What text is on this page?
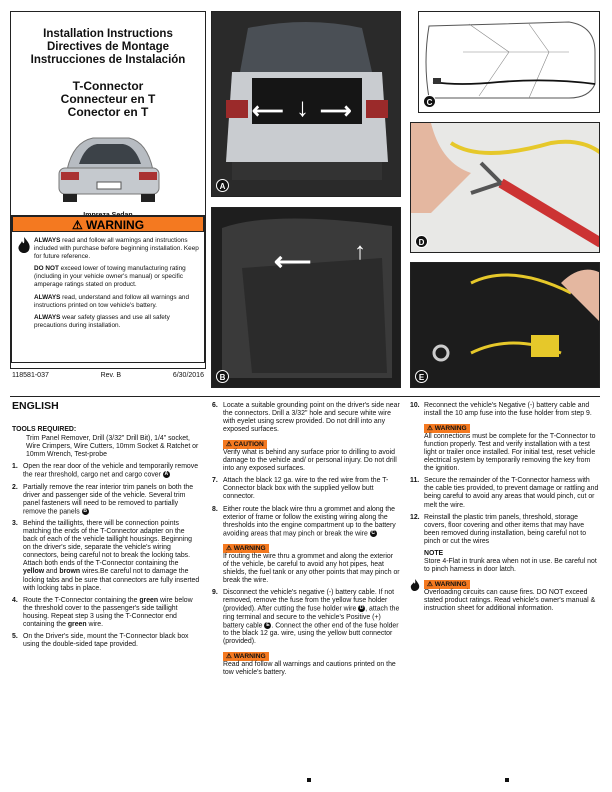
Installation Instructions
Directives de Montage
Instrucciones de Instalación
T-Connector
Connecteur en T
Conector en T
⚠ WARNING

ALWAYS read and follow all warnings and instructions included with purchase before beginning installation. Keep for future reference.

DO NOT exceed lower of towing manufacturing rating (including in your vehicle owner's manual) or specific amperage ratings stated on product.

ALWAYS read, understand and follow all warnings and instructions printed on tow vehicle's battery.

ALWAYS wear safety glasses and use all safety precautions during installation.

118581-037	Rev. B	6/30/2016
⟵ ↓ ⟶
A
⟵ ↑
B
C
D
E
ENGLISH
TOOLS REQUIRED:
Trim Panel Remover, Drill (3/32" Drill Bit), 1/4" socket, Wire Crimpers, Wire Cutters, 10mm Socket & Ratchet or 10mm Wrench, Test-probe
1. Open the rear door of the vehicle and temporarily remove the rear threshold, cargo net and cargo cover A
2. Partially remove the rear interior trim panels on both the driver and passenger side of the vehicle. Several trim panel fasteners will need to be removed to partially remove the panels B
3. Behind the taillights, there will be connection points matching the ends of the T-Connector adapter on the back of each of the vehicle taillight housings. Beginning on the driver's side, separate the vehicle's wiring connectors, being careful not to break the locking tabs. Attach both ends of the T-Connector containing the yellow and brown wires.Be careful not to damage the locking tabs and be sure that connectors are fully inserted with locking tabs in place.
4. Route the T-Connector containing the green wire below the threshold cover to the passenger's side taillight housing. Repeat step 3 using the T-Connector end containing the green wire.
5. On the Driver's side, mount the T-Connector black box using the double-sided tape provided.
6. Locate a suitable grounding point on the driver's side near the connectors. Drill a 3/32" hole and secure white wire with eyelet using screw provided. Do not drill into any exposed surfaces.
⚠ CAUTION
Verify what is behind any surface prior to drilling to avoid damage to the vehicle and/ or personal injury. Do not drill into any exposed surfaces.
7. Attach the black 12 ga. wire to the red wire from the T-Connector black box with the supplied yellow butt connector.
8. Either route the black wire thru a grommet and along the exterior of frame or follow the existing wiring along the thresholds into the engine compartment up to the battery avoiding areas that may pinch or break the wire C
⚠ WARNING
If routing the wire thru a grommet and along the exterior of the vehicle, be careful to avoid any hot pipes, heat shields, the fuel tank or any other points that may pinch or break the wire.
9. Disconnect the vehicle's negative (-) battery cable. If not removed, remove the fuse from the yellow fuse holder (provided). After cutting the fuse holder wire D , attach the ring terminal and secure to the vehicle's Positive (+) battery cable E . Connect the other end of the fuse holder to the black 12 ga. wire, using the yellow butt connector (provided).
⚠ WARNING
Read and follow all warnings and cautions printed on the tow vehicle's battery.
10. Reconnect the vehicle's Negative (-) battery cable and install the 10 amp fuse into the fuse holder from step 9.
⚠ WARNING
All connections must be complete for the T-Connector to function properly. Test and verify installation with a test light or trailer once installed. For initial test, reset vehicle electrical system by temporarily removing the key from the ignition.
11. Secure the remainder of the T-Connector harness with the cable ties provided, to prevent damage or rattling and being careful to avoid any areas that would pinch, cut or melt the wire.
12. Reinstall the plastic trim panels, threshold, storage covers, floor covering and other items that may have been removed during installation, being careful not to pinch or cut the wires
NOTE
Store 4-Flat in trunk area when not in use. Be careful not to pinch harness in door latch.
⚠ WARNING
Overloading circuits can cause fires. DO NOT exceed stated product ratings. Read vehicle's owner's manual & instruction sheet for additional information.
